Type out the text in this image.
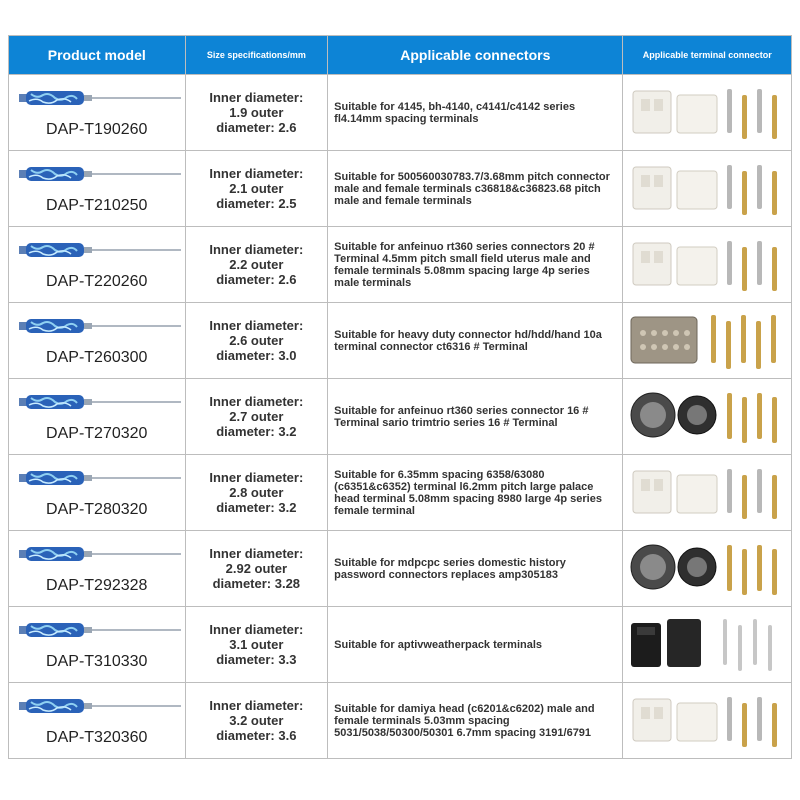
Product model	Size specifications/mm	Applicable connectors	Applicable terminal connector

DAP-T190260	Inner diameter:
1.9 outer
diameter: 2.6	Suitable for 4145, bh-4140, c4141/c4142 series fl4.14mm spacing terminals	

DAP-T210250	Inner diameter:
2.1 outer
diameter: 2.5	Suitable for 500560030783.7/3.68mm pitch connector male and female terminals c36818&c36823.68 pitch male and female terminals	

DAP-T220260	Inner diameter:
2.2 outer
diameter: 2.6	Suitable for anfeinuo rt360 series connectors 20 # Terminal 4.5mm pitch small field uterus male and female terminals 5.08mm spacing large 4p series male terminals	

DAP-T260300	Inner diameter:
2.6 outer
diameter: 3.0	Suitable for heavy duty connector hd/hdd/hand 10a terminal connector ct6316 # Terminal	

DAP-T270320	Inner diameter:
2.7 outer
diameter: 3.2	Suitable for anfeinuo rt360 series connector 16 # Terminal sario trimtrio series 16 # Terminal	

DAP-T280320	Inner diameter:
2.8 outer
diameter: 3.2	Suitable for 6.35mm spacing 6358/63080 (c6351&c6352) terminal l6.2mm pitch large palace head terminal 5.08mm spacing 8980 large 4p series female terminal	

DAP-T292328	Inner diameter:
2.92 outer
diameter: 3.28	Suitable for mdpcpc series domestic history password connectors replaces amp305183	

DAP-T310330	Inner diameter:
3.1 outer
diameter: 3.3	Suitable for aptivweatherpack terminals	

DAP-T320360	Inner diameter:
3.2 outer
diameter: 3.6	Suitable for damiya head (c6201&c6202) male and female terminals 5.03mm spacing 5031/5038/50300/50301 6.7mm spacing 3191/6791	
